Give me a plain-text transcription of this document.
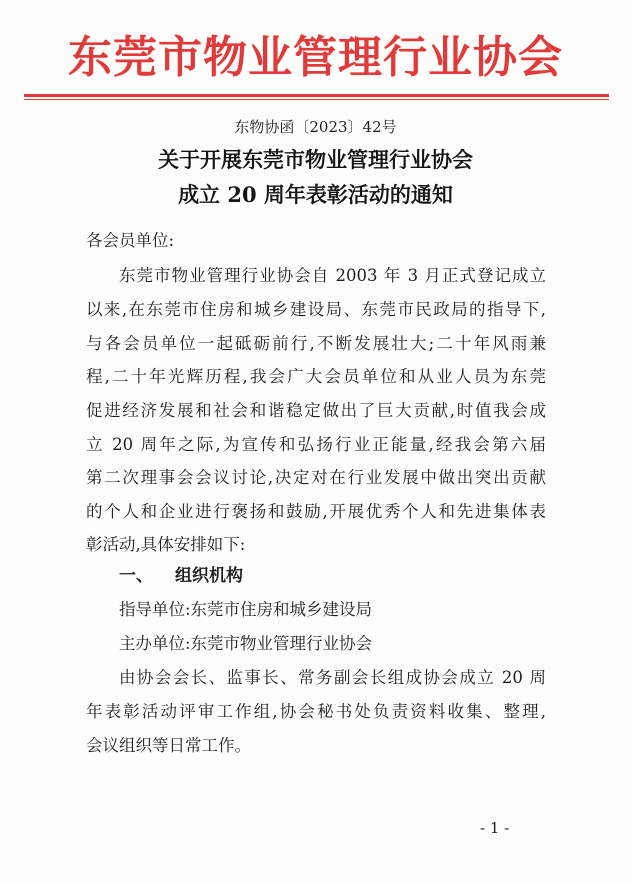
东莞市物业管理行业协会
东物协函〔2023〕42号
关于开展东莞市物业管理行业协会
成立 20 周年表彰活动的通知
各会员单位:
东莞市物业管理行业协会自 2003 年 3 月正式登记成立
以来,在东莞市住房和城乡建设局、东莞市民政局的指导下,
与各会员单位一起砥砺前行,不断发展壮大;二十年风雨兼
程,二十年光辉历程,我会广大会员单位和从业人员为东莞
促进经济发展和社会和谐稳定做出了巨大贡献,时值我会成
立 20 周年之际,为宣传和弘扬行业正能量,经我会第六届
第二次理事会会议讨论,决定对在行业发展中做出突出贡献
的个人和企业进行褒扬和鼓励,开展优秀个人和先进集体表
彰活动,具体安排如下:
一、 组织机构
指导单位:东莞市住房和城乡建设局
主办单位:东莞市物业管理行业协会
由协会会长、监事长、常务副会长组成协会成立 20 周
年表彰活动评审工作组,协会秘书处负责资料收集、整理,
会议组织等日常工作。
- 1 -
